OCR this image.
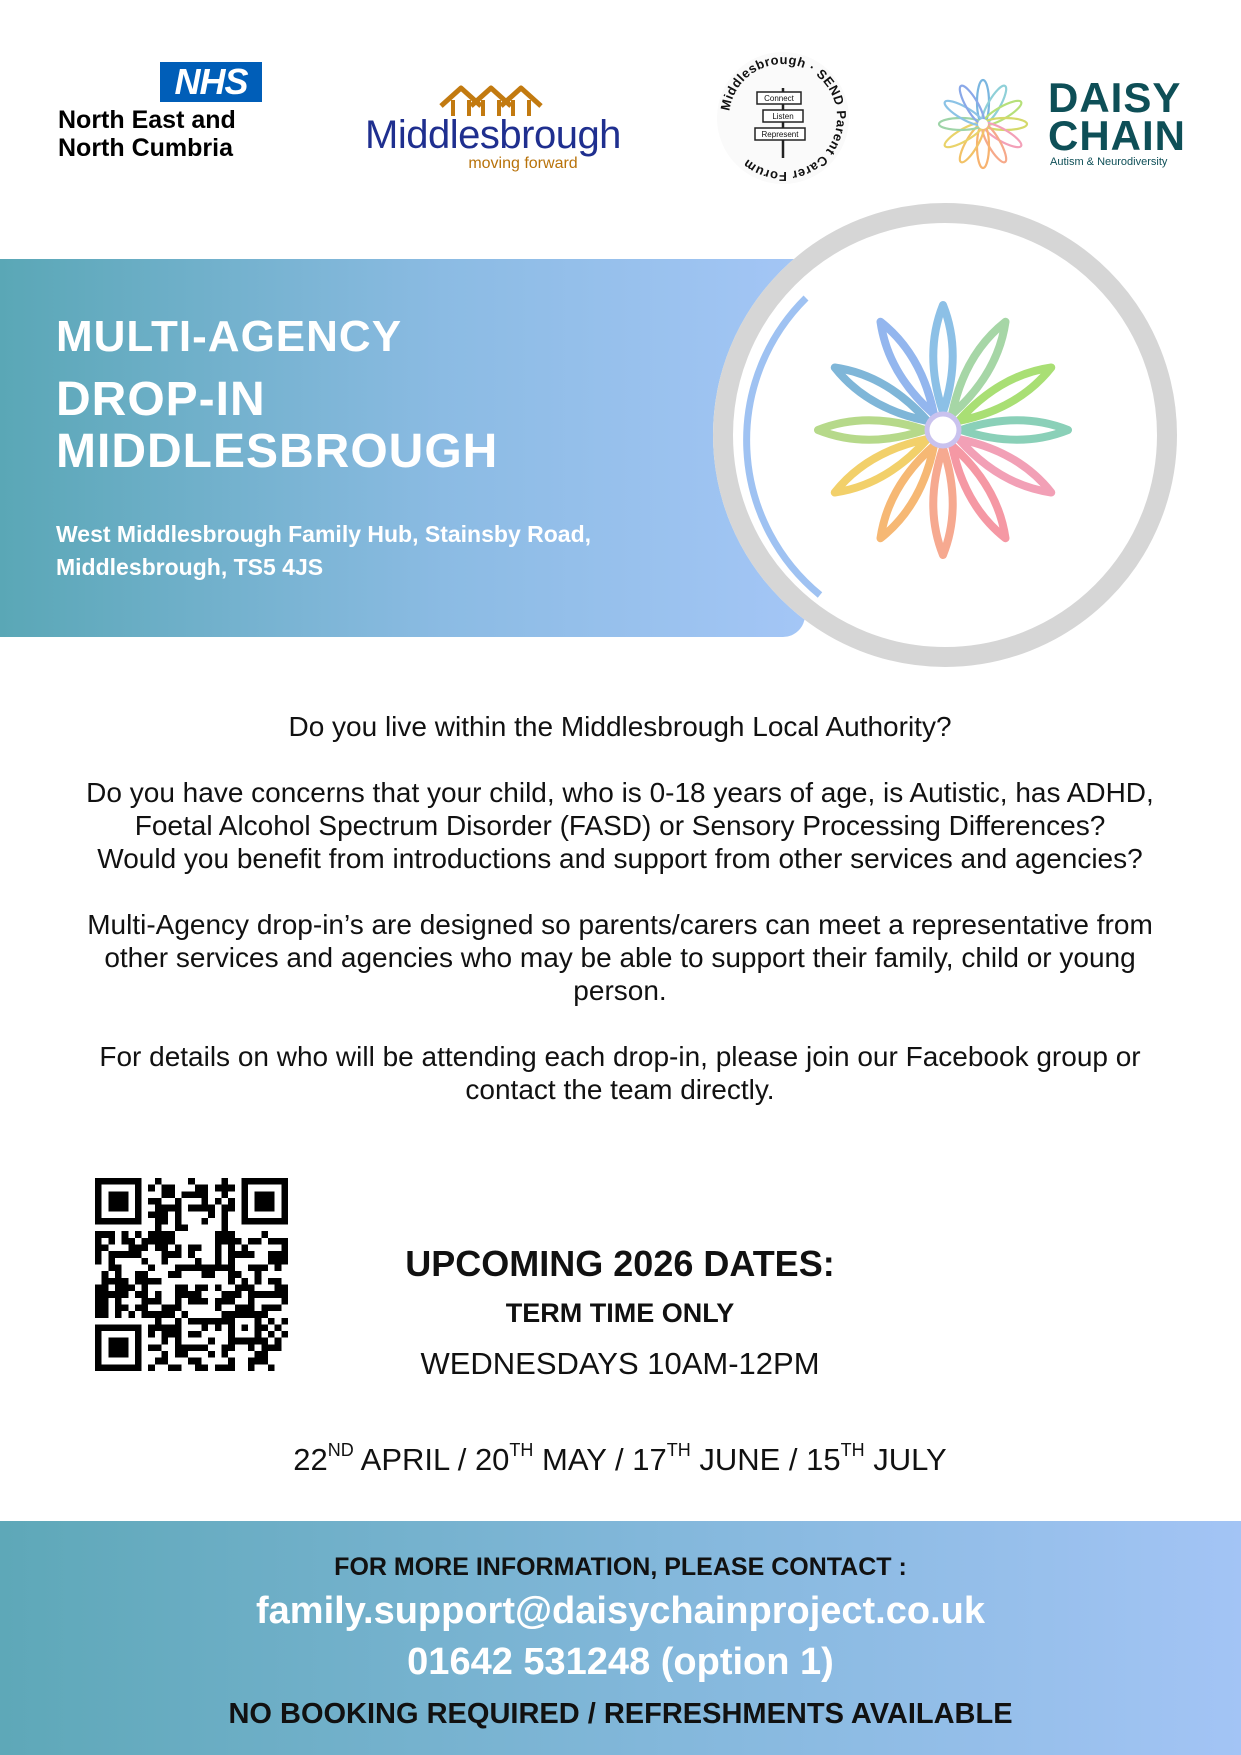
NHS
North East and
North Cumbria	Middlesbrough
moving forward
Middlesbrough · SEND Parent Carer Forum
Connect
Listen
Represent
DAISY
CHAIN
Autism & Neurodiversity
MULTI-AGENCY
DROP-IN MIDDLESBROUGH
West Middlesbrough Family Hub, Stainsby Road,
Middlesbrough, TS5 4JS

Do you live within the Middlesbrough Local Authority?

Do you have concerns that your child, who is 0-18 years of age, is Autistic, has ADHD, Foetal Alcohol Spectrum Disorder (FASD) or Sensory Processing Differences?

Would you benefit from introductions and support from other services and agencies?

Multi-Agency drop-in’s are designed so parents/carers can meet a representative from other services and agencies who may be able to support their family, child or young person.

For details on who will be attending each drop-in, please join our Facebook group or contact the team directly.

UPCOMING 2026 DATES:
TERM TIME ONLY
WEDNESDAYS 10AM-12PM
22ND APRIL / 20TH MAY / 17TH JUNE / 15TH JULY
FOR MORE INFORMATION, PLEASE CONTACT :
family.support@daisychainproject.co.uk
01642 531248 (option 1)
NO BOOKING REQUIRED / REFRESHMENTS AVAILABLE
